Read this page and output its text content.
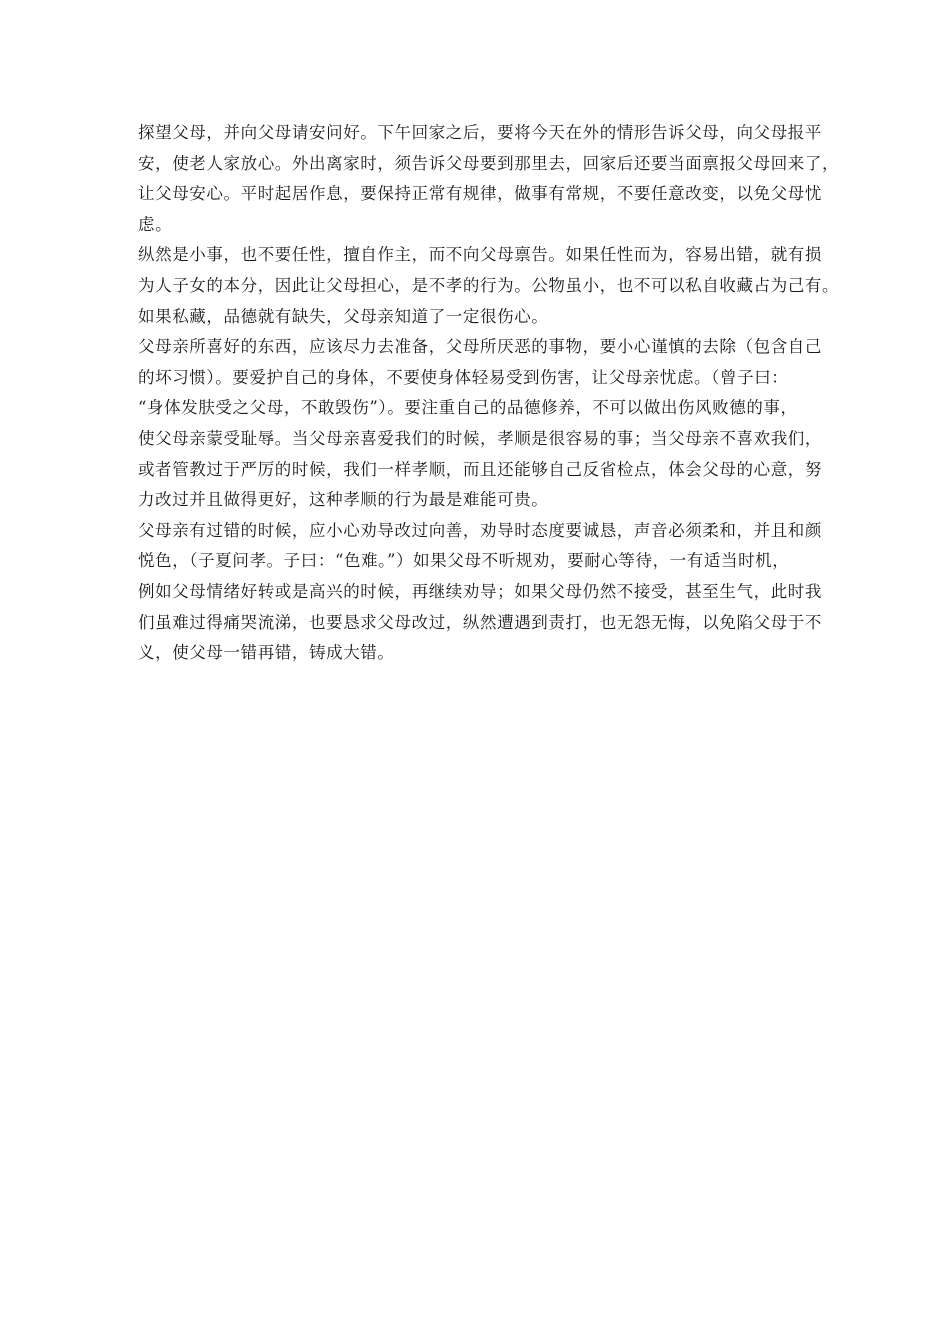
探望父母，并向父母请安问好。下午回家之后，要将今天在外的情形告诉父母，向父母报平
安，使老人家放心。外出离家时，须告诉父母要到那里去，回家后还要当面禀报父母回来了，
让父母安心。平时起居作息，要保持正常有规律，做事有常规，不要任意改变，以免父母忧
虑。

纵然是小事，也不要任性，擅自作主，而不向父母禀告。如果任性而为，容易出错，就有损
为人子女的本分，因此让父母担心，是不孝的行为。公物虽小，也不可以私自收藏占为己有。
如果私藏，品德就有缺失，父母亲知道了一定很伤心。

父母亲所喜好的东西，应该尽力去准备，父母所厌恶的事物，要小心谨慎的去除（包含自己
的坏习惯）。要爱护自己的身体，不要使身体轻易受到伤害，让父母亲忧虑。（曾子曰：
“身体发肤受之父母，不敢毁伤”）。要注重自己的品德修养，不可以做出伤风败德的事，
使父母亲蒙受耻辱。当父母亲喜爱我们的时候，孝顺是很容易的事；当父母亲不喜欢我们，
或者管教过于严厉的时候，我们一样孝顺，而且还能够自己反省检点，体会父母的心意，努
力改过并且做得更好，这种孝顺的行为最是难能可贵。

父母亲有过错的时候，应小心劝导改过向善，劝导时态度要诚恳，声音必须柔和，并且和颜
悦色，（子夏问孝。子曰：“色难。”）如果父母不听规劝，要耐心等待，一有适当时机，
例如父母情绪好转或是高兴的时候，再继续劝导；如果父母仍然不接受，甚至生气，此时我
们虽难过得痛哭流涕，也要恳求父母改过，纵然遭遇到责打，也无怨无悔，以免陷父母于不
义，使父母一错再错，铸成大错。
